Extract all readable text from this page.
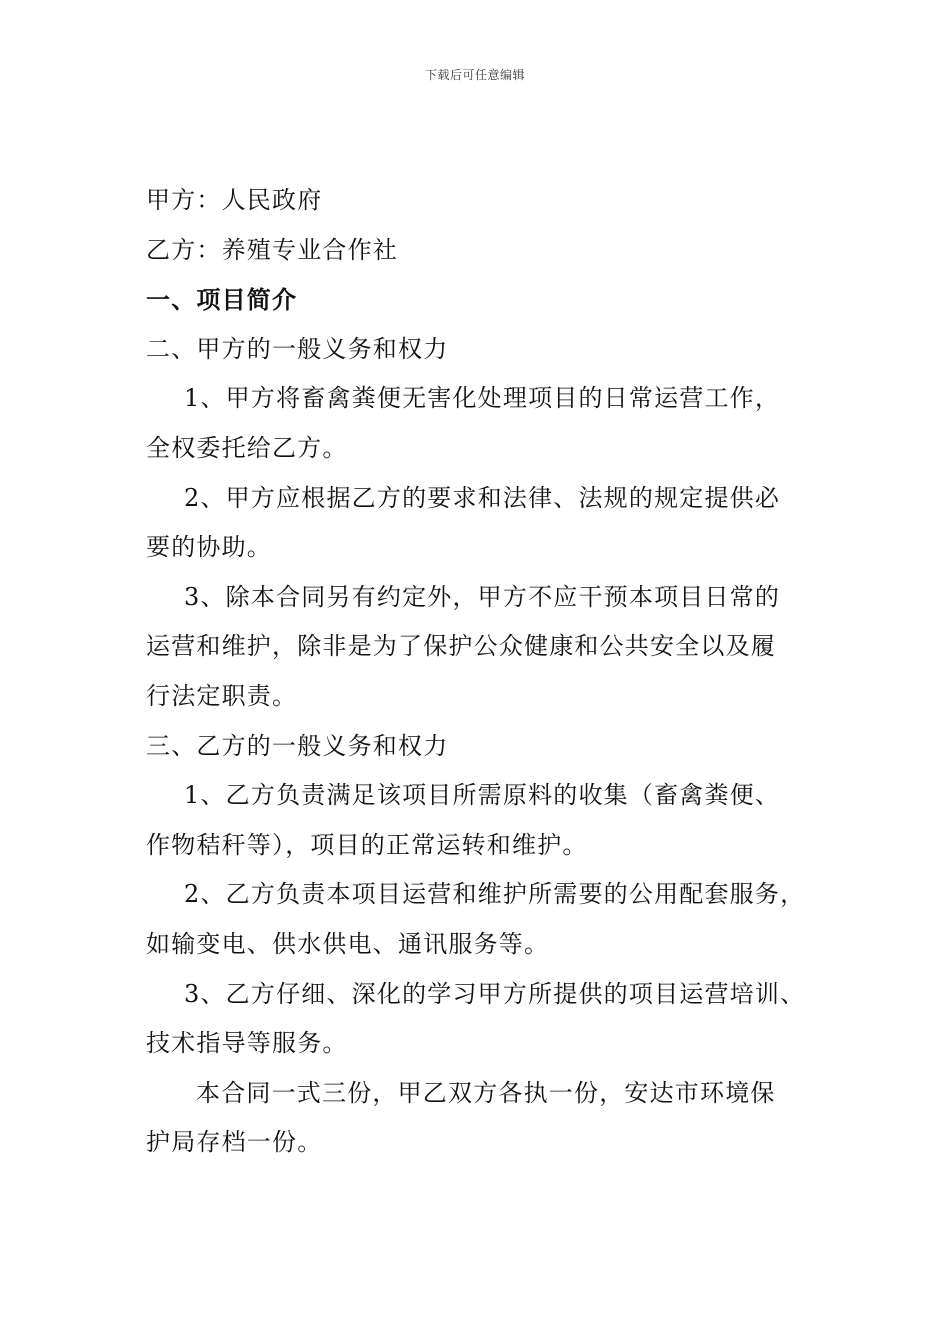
下载后可任意编辑
甲方：人民政府
乙方：养殖专业合作社
一、项目简介
二、甲方的一般义务和权力
1、甲方将畜禽粪便无害化处理项目的日常运营工作，
全权委托给乙方。
2、甲方应根据乙方的要求和法律、法规的规定提供必
要的协助。
3、除本合同另有约定外，甲方不应干预本项目日常的
运营和维护，除非是为了保护公众健康和公共安全以及履
行法定职责。
三、乙方的一般义务和权力
1、乙方负责满足该项目所需原料的收集（畜禽粪便、
作物秸秆等），项目的正常运转和维护。
2、乙方负责本项目运营和维护所需要的公用配套服务，
如输变电、供水供电、通讯服务等。
3、乙方仔细、深化的学习甲方所提供的项目运营培训、
技术指导等服务。
本合同一式三份，甲乙双方各执一份，安达市环境保
护局存档一份。
